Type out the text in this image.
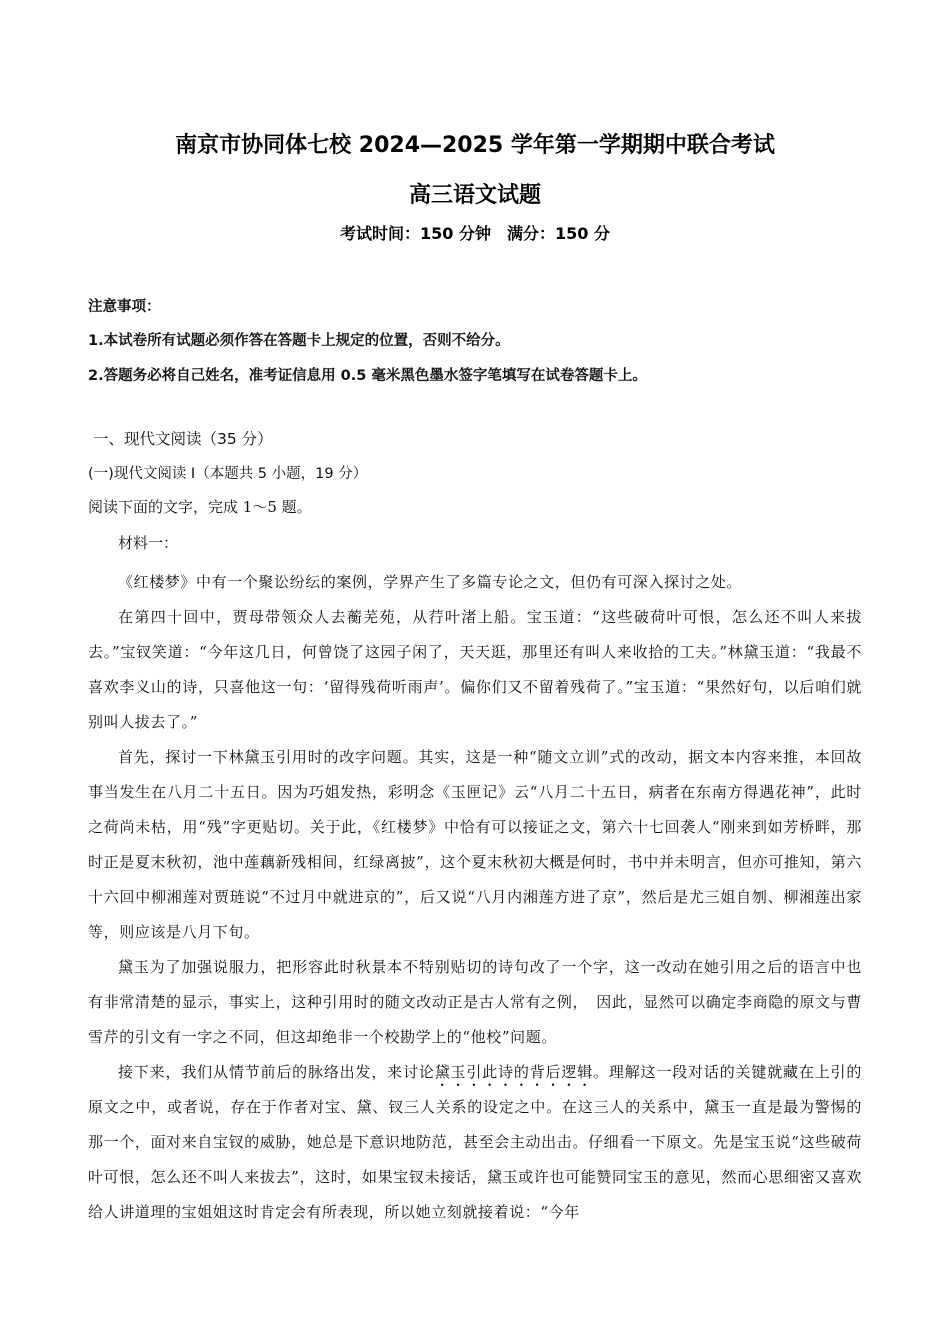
南京市协同体七校 2024—2025 学年第一学期期中联合考试
高三语文试题
考试时间：150 分钟　满分：150 分
注意事项：
1.本试卷所有试题必须作答在答题卡上规定的位置，否则不给分。
2.答题务必将自己姓名，准考证信息用 0.5 毫米黑色墨水签字笔填写在试卷答题卡上。
一、现代文阅读（35 分）
(一)现代文阅读 I（本题共 5 小题，19 分）
阅读下面的文字，完成 1～5 题。
材料一：

《红楼梦》中有一个聚讼纷纭的案例，学界产生了多篇专论之文，但仍有可深入探讨之处。

在第四十回中，贾母带领众人去蘅芜苑，从荇叶渚上船。宝玉道：“这些破荷叶可恨，怎么还不叫人来拔去。”宝钗笑道：“今年这几日，何曾饶了这园子闲了，天天逛，那里还有叫人来收拾的工夫。”林黛玉道：“我最不喜欢李义山的诗，只喜他这一句：‘留得残荷听雨声’。偏你们又不留着残荷了。”宝玉道：“果然好句，以后咱们就别叫人拔去了。”

首先，探讨一下林黛玉引用时的改字问题。其实，这是一种“随文立训”式的改动，据文本内容来推，本回故事当发生在八月二十五日。因为巧姐发热，彩明念《玉匣记》云“八月二十五日，病者在东南方得遇花神”，此时之荷尚未枯，用“残”字更贴切。关于此，《红楼梦》中恰有可以接证之文，第六十七回袭人“刚来到如芳桥畔，那时正是夏末秋初，池中莲藕新残相间，红绿离披”，这个夏末秋初大概是何时，书中并未明言，但亦可推知，第六十六回中柳湘莲对贾琏说“不过月中就进京的”，后又说“八月内湘莲方进了京”，然后是尤三姐自刎、柳湘莲出家等，则应该是八月下旬。

黛玉为了加强说服力，把形容此时秋景本不特别贴切的诗句改了一个字，这一改动在她引用之后的语言中也有非常清楚的显示，事实上，这种引用时的随文改动正是古人常有之例，　因此，显然可以确定李商隐的原文与曹雪芹的引文有一字之不同，但这却绝非一个校勘学上的“他校”问题。

接下来，我们从情节前后的脉络出发，来讨论黛玉引此诗的背后逻辑。理解这一段对话的关键就藏在上引的原文之中，或者说，存在于作者对宝、黛、钗三人关系的设定之中。在这三人的关系中，黛玉一直是最为警惕的那一个，面对来自宝钗的威胁，她总是下意识地防范，甚至会主动出击。仔细看一下原文。先是宝玉说“这些破荷叶可恨，怎么还不叫人来拔去”，这时，如果宝钗未接话，黛玉或许也可能赞同宝玉的意见，然而心思细密又喜欢给人讲道理的宝姐姐这时肯定会有所表现，所以她立刻就接着说：“今年
